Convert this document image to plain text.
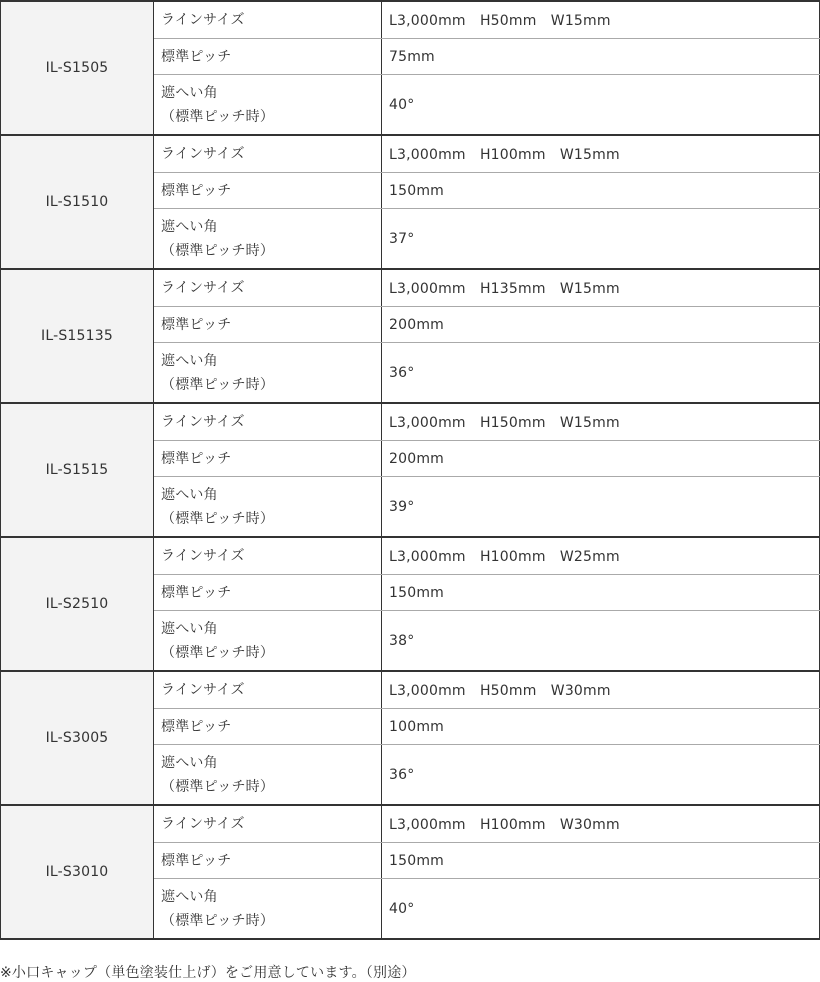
IL-S1505	ラインサイズ	L3,000mm　H50mm　W15mm
	標準ピッチ	75mm

	遮へい角
（標準ピッチ時）	40°
IL-S1510	ラインサイズ	L3,000mm　H100mm　W15mm
	標準ピッチ	150mm

	遮へい角
（標準ピッチ時）	37°
IL-S15135	ラインサイズ	L3,000mm　H135mm　W15mm
	標準ピッチ	200mm

	遮へい角
（標準ピッチ時）	36°
IL-S1515	ラインサイズ	L3,000mm　H150mm　W15mm
	標準ピッチ	200mm

	遮へい角
（標準ピッチ時）	39°
IL-S2510	ラインサイズ	L3,000mm　H100mm　W25mm
	標準ピッチ	150mm

	遮へい角
（標準ピッチ時）	38°
IL-S3005	ラインサイズ	L3,000mm　H50mm　W30mm
	標準ピッチ	100mm

	遮へい角
（標準ピッチ時）	36°
IL-S3010	ラインサイズ	L3,000mm　H100mm　W30mm
	標準ピッチ	150mm

	遮へい角
（標準ピッチ時）	40°
※小口キャップ（単色塗装仕上げ）をご用意しています。（別途）
